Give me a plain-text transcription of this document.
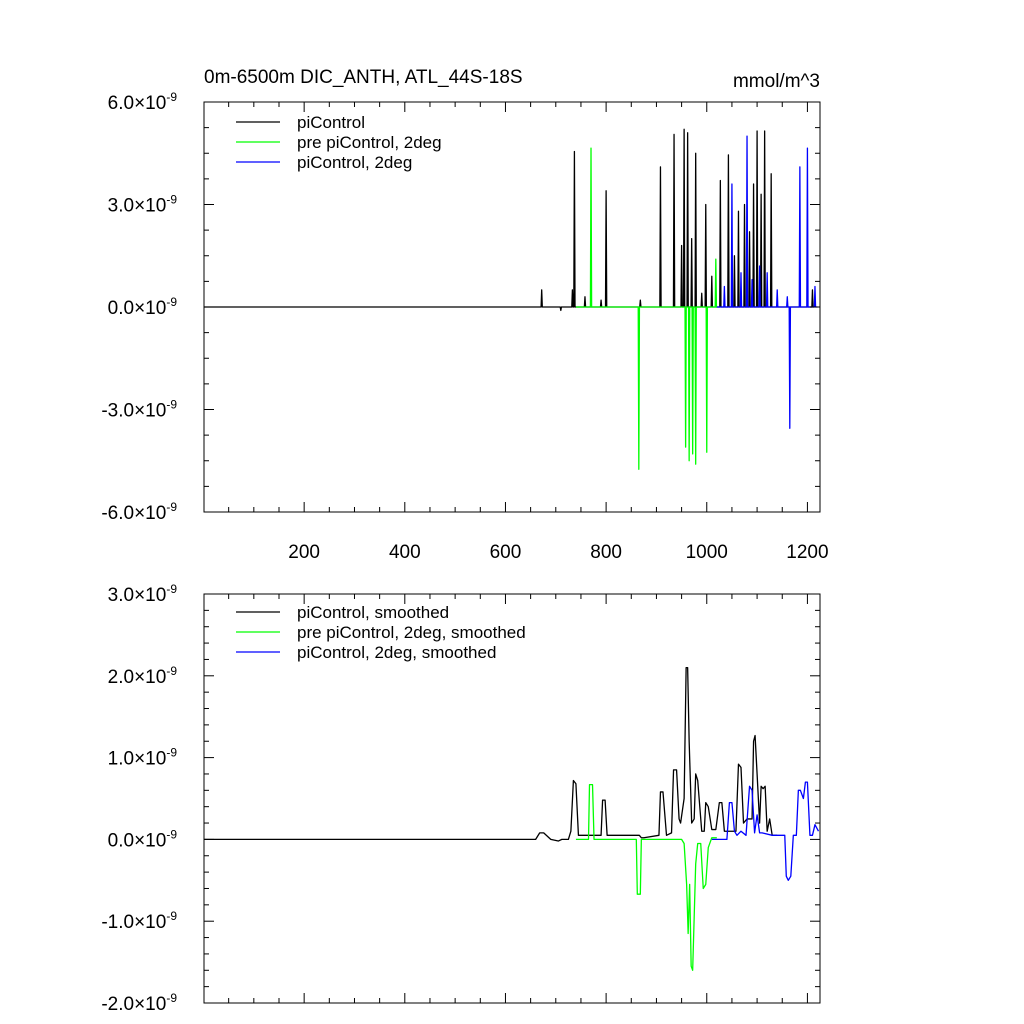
0m-6500m DIC_ANTH, ATL_44S-18S	mmol/m^3
200	400	600	800	1000	1200
$6.0\times 10^{-9}$
$3.0\times 10^{-9}$
$0.0\times 10^{-9}$
$-3.0\times 10^{-9}$
$-6.0\times 10^{-9}$
piControl
pre piControl, 2deg
piControl, 2deg
$3.0\times 10^{-9}$
$2.0\times 10^{-9}$
$1.0\times 10^{-9}$
$0.0\times 10^{-9}$
$-1.0\times 10^{-9}$
$-2.0\times 10^{-9}$
piControl, smoothed
pre piControl, 2deg, smoothed
piControl, 2deg, smoothed
